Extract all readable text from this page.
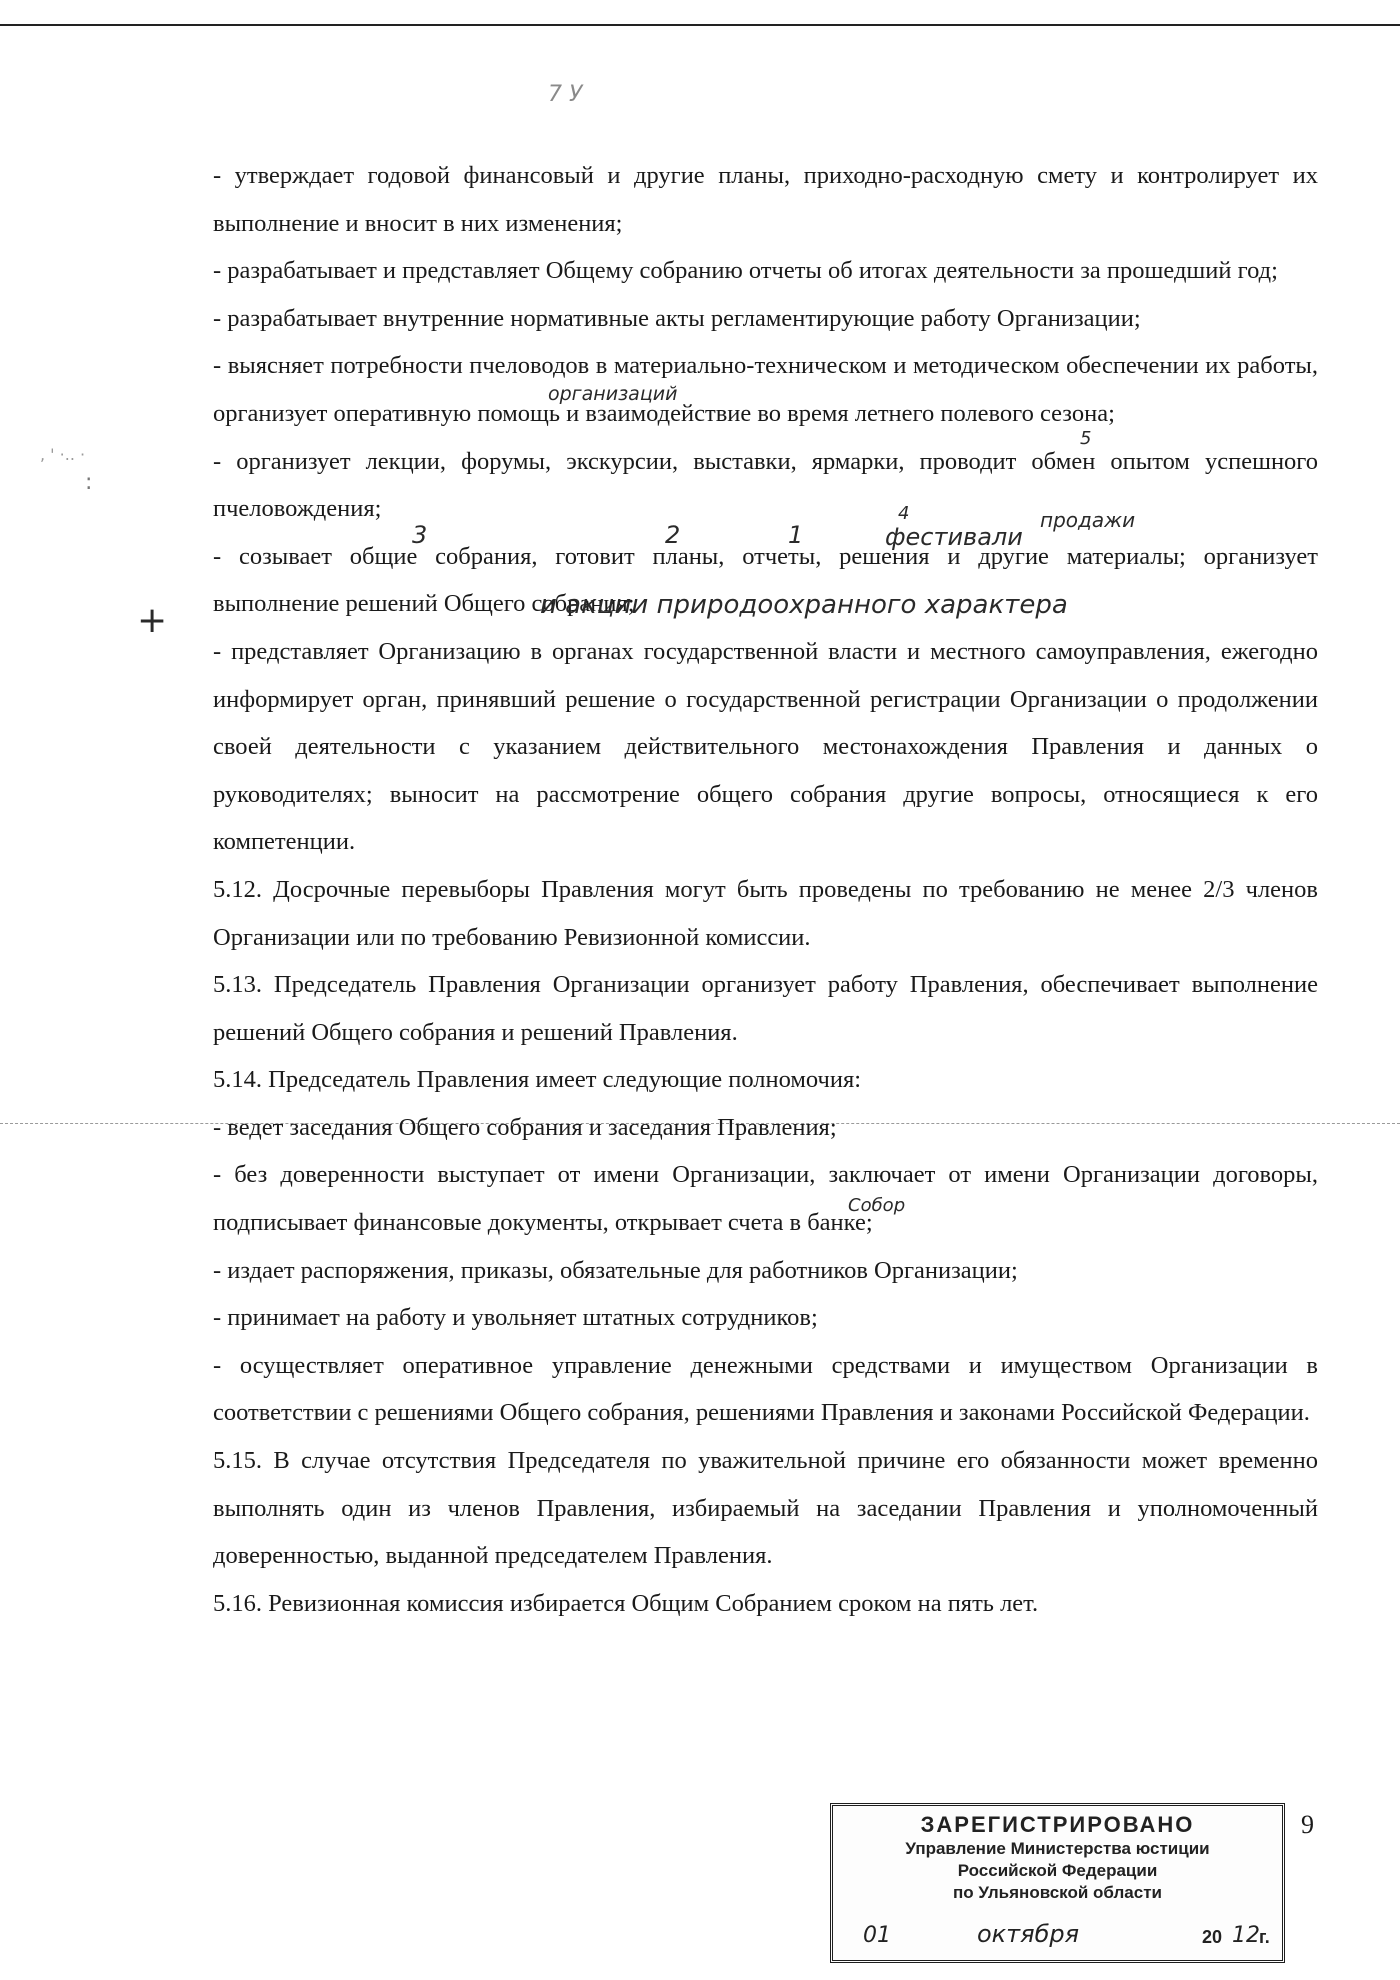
, ' ·.. ·
:
+
7 У

- утверждает годовой финансовый и другие планы, приходно-расходную смету и контролирует их выполнение и вносит в них изменения;

- разрабатывает и представляет Общему собранию отчеты об итогах деятельности за прошедший год;

- разрабатывает внутренние нормативные акты регламентирующие работу Организации;

- выясняет потребности пчеловодов в материально-техническом и методическом обеспечении их работы, организует оперативную помощь и взаимодействие во время летнего полевого сезона;

- организует лекции, форумы, экскурсии, выставки, ярмарки, проводит обмен опытом успешного пчеловождения;

- созывает общие собрания, готовит планы, отчеты, решения и другие материалы; организует выполнение решений Общего собрания;

- представляет Организацию в органах государственной власти и местного самоуправления, ежегодно информирует орган, принявший решение о государственной регистрации Организации о продолжении своей деятельности с указанием действительного местонахождения Правления и данных о руководителях; выносит на рассмотрение общего собрания другие вопросы, относящиеся к его компетенции.

5.12. Досрочные перевыборы Правления могут быть проведены по требованию не менее 2/3 членов Организации или по требованию Ревизионной комиссии.

5.13. Председатель Правления Организации организует работу Правления, обеспечивает выполнение решений Общего собрания и решений Правления.

5.14. Председатель Правления имеет следующие полномочия:

- ведет заседания Общего собрания и заседания Правления;

- без доверенности выступает от имени Организации, заключает от имени Организации договоры, подписывает финансовые документы, открывает счета в банке;

- издает распоряжения, приказы, обязательные для работников Организации;

- принимает на работу и увольняет штатных сотрудников;

- осуществляет оперативное управление денежными средствами и имуществом Организации в соответствии с решениями Общего собрания, решениями Правления и законами Российской Федерации.

5.15. В случае отсутствия Председателя по уважительной причине его обязанности может временно выполнять один из членов Правления, избираемый на заседании Правления и уполномоченный доверенностью, выданной председателем Правления.

5.16. Ревизионная комиссия избирается Общим Собранием сроком на пять лет.

организаций
5
фестивали
продажи
4
2	1
3
и акции природоохранного характера
Собор
ЗАРЕГИСТРИРОВАНО
Управление Министерства юстиции
Российской Федерации
по Ульяновской области
01	октября	20 12 г.
9
